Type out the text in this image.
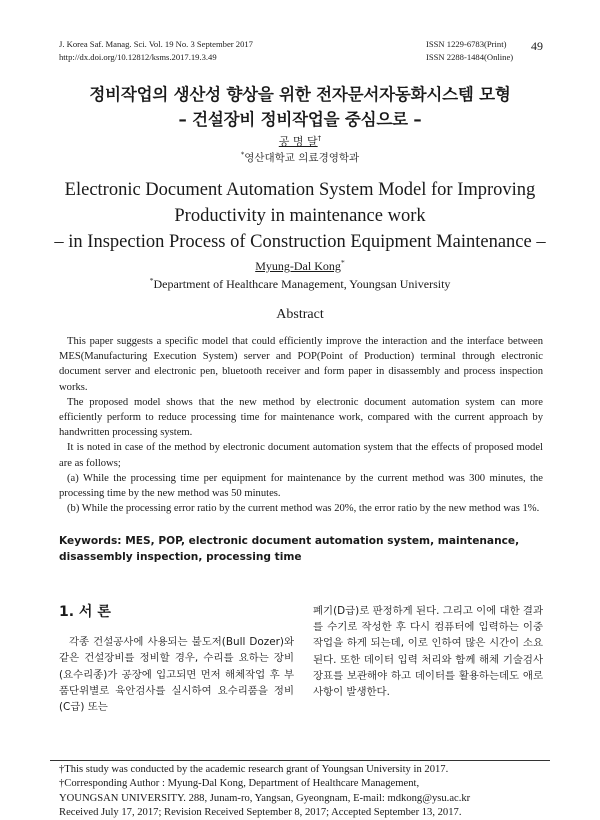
J. Korea Saf. Manag. Sci. Vol. 19 No. 3 September 2017
http://dx.doi.org/10.12812/ksms.2017.19.3.49
ISSN 1229-6783(Print)
ISSN 2288-1484(Online)
49
정비작업의 생산성 향상을 위한 전자문서자동화시스템 모형
– 건설장비 정비작업을 중심으로 –
공 명 달†
*영산대학교 의료경영학과
Electronic Document Automation System Model for Improving
Productivity in maintenance work
– in Inspection Process of Construction Equipment Maintenance –
Myung-Dal Kong*
*Department of Healthcare Management, Youngsan University
Abstract

This paper suggests a specific model that could efficiently improve the interaction and the interface between MES(Manufacturing Execution System) server and POP(Point of Production) terminal through electronic document server and electronic pen, bluetooth receiver and form paper in disassembly and process inspection works.

The proposed model shows that the new method by electronic document automation system can more efficiently perform to reduce processing time for maintenance work, compared with the current approach by handwritten processing system.

It is noted in case of the method by electronic document automation system that the effects of proposed model are as follows;

(a) While the processing time per equipment for maintenance by the current method was 300 minutes, the processing time by the new method was 50 minutes.

(b) While the processing error ratio by the current method was 20%, the error ratio by the new method was 1%.

Keywords: MES, POP, electronic document automation system, maintenance, disassembly inspection, processing time
1. 서 론

각종 건설공사에 사용되는 불도저(Bull Dozer)와 같은 건설장비를 정비할 경우, 수리를 요하는 장비(요수리종)가 공장에 입고되면 먼저 해체작업 후 부품단위별로 육안검사를 실시하여 요수리품을 정비(C급) 또는

폐기(D급)로 판정하게 된다. 그리고 이에 대한 결과를 수기로 작성한 후 다시 컴퓨터에 입력하는 이중 작업을 하게 되는데, 이로 인하여 많은 시간이 소요된다. 또한 데이터 입력 처리와 함께 해체 기술검사 장표를 보관해야 하고 데이터를 활용하는데도 애로사항이 발생한다.

†This study was conducted by the academic research grant of Youngsan University in 2017.
†Corresponding Author : Myung-Dal Kong, Department of Healthcare Management,
YOUNGSAN UNIVERSITY. 288, Junam-ro, Yangsan, Gyeongnam, E-mail: mdkong@ysu.ac.kr
Received July 17, 2017; Revision Received September 8, 2017; Accepted September 13, 2017.
